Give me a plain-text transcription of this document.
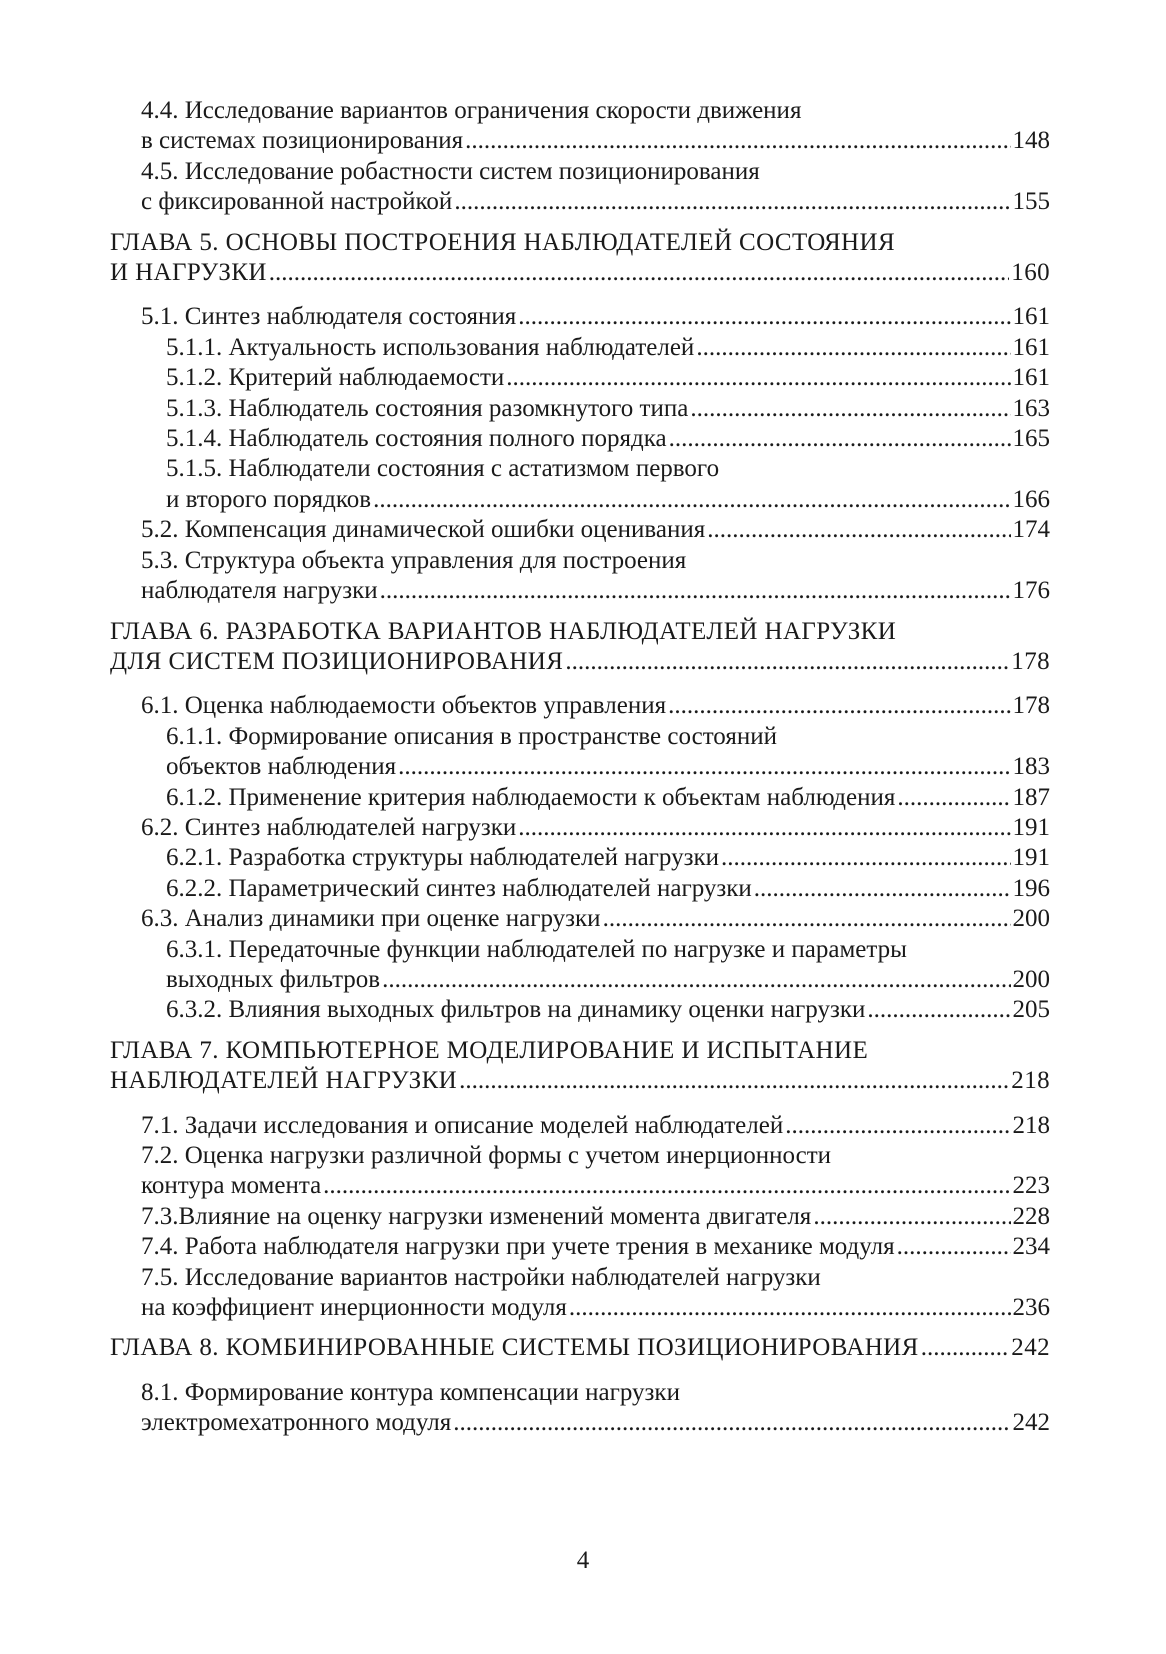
4.4. Исследование вариантов ограничения скорости движения
в системах позиционирования .....	148
4.5. Исследование робастности систем позиционирования
с фиксированной настройкой .....	155
ГЛАВА 5. ОСНОВЫ ПОСТРОЕНИЯ НАБЛЮДАТЕЛЕЙ СОСТОЯНИЯ
И НАГРУЗКИ .....	160
5.1. Синтез наблюдателя состояния .....	161
5.1.1. Актуальность использования наблюдателей .....	161
5.1.2. Критерий наблюдаемости .....	161
5.1.3. Наблюдатель состояния разомкнутого типа .....	163
5.1.4. Наблюдатель состояния полного порядка .....	165
5.1.5. Наблюдатели состояния с астатизмом первого
и второго порядков .....	166
5.2. Компенсация динамической ошибки оценивания .....	174
5.3. Структура объекта управления для построения
наблюдателя нагрузки .....	176
ГЛАВА 6. РАЗРАБОТКА ВАРИАНТОВ НАБЛЮДАТЕЛЕЙ НАГРУЗКИ
ДЛЯ СИСТЕМ ПОЗИЦИОНИРОВАНИЯ .....	178
6.1. Оценка наблюдаемости объектов управления .....	178
6.1.1. Формирование описания в пространстве состояний
объектов наблюдения .....	183
6.1.2. Применение критерия наблюдаемости к объектам наблюдения .....	187
6.2. Синтез наблюдателей нагрузки .....	191
6.2.1. Разработка структуры наблюдателей нагрузки .....	191
6.2.2. Параметрический синтез наблюдателей нагрузки .....	196
6.3. Анализ динамики при оценке нагрузки .....	200
6.3.1. Передаточные функции наблюдателей по нагрузке и параметры
выходных фильтров .....	200
6.3.2. Влияния выходных фильтров на динамику оценки нагрузки .....	205
ГЛАВА 7. КОМПЬЮТЕРНОЕ МОДЕЛИРОВАНИЕ И ИСПЫТАНИЕ
НАБЛЮДАТЕЛЕЙ НАГРУЗКИ .....	218
7.1. Задачи исследования и описание моделей наблюдателей .....	218
7.2. Оценка нагрузки различной формы с учетом инерционности
контура момента .....	223
7.3.Влияние на оценку нагрузки изменений момента двигателя .....	228
7.4. Работа наблюдателя нагрузки при учете трения в механике модуля .....	234
7.5. Исследование вариантов настройки наблюдателей нагрузки
на коэффициент инерционности модуля .....	236
ГЛАВА 8. КОМБИНИРОВАННЫЕ СИСТЕМЫ ПОЗИЦИОНИРОВАНИЯ .....	242
8.1. Формирование контура компенсации нагрузки
электромехатронного модуля .....	242
4
